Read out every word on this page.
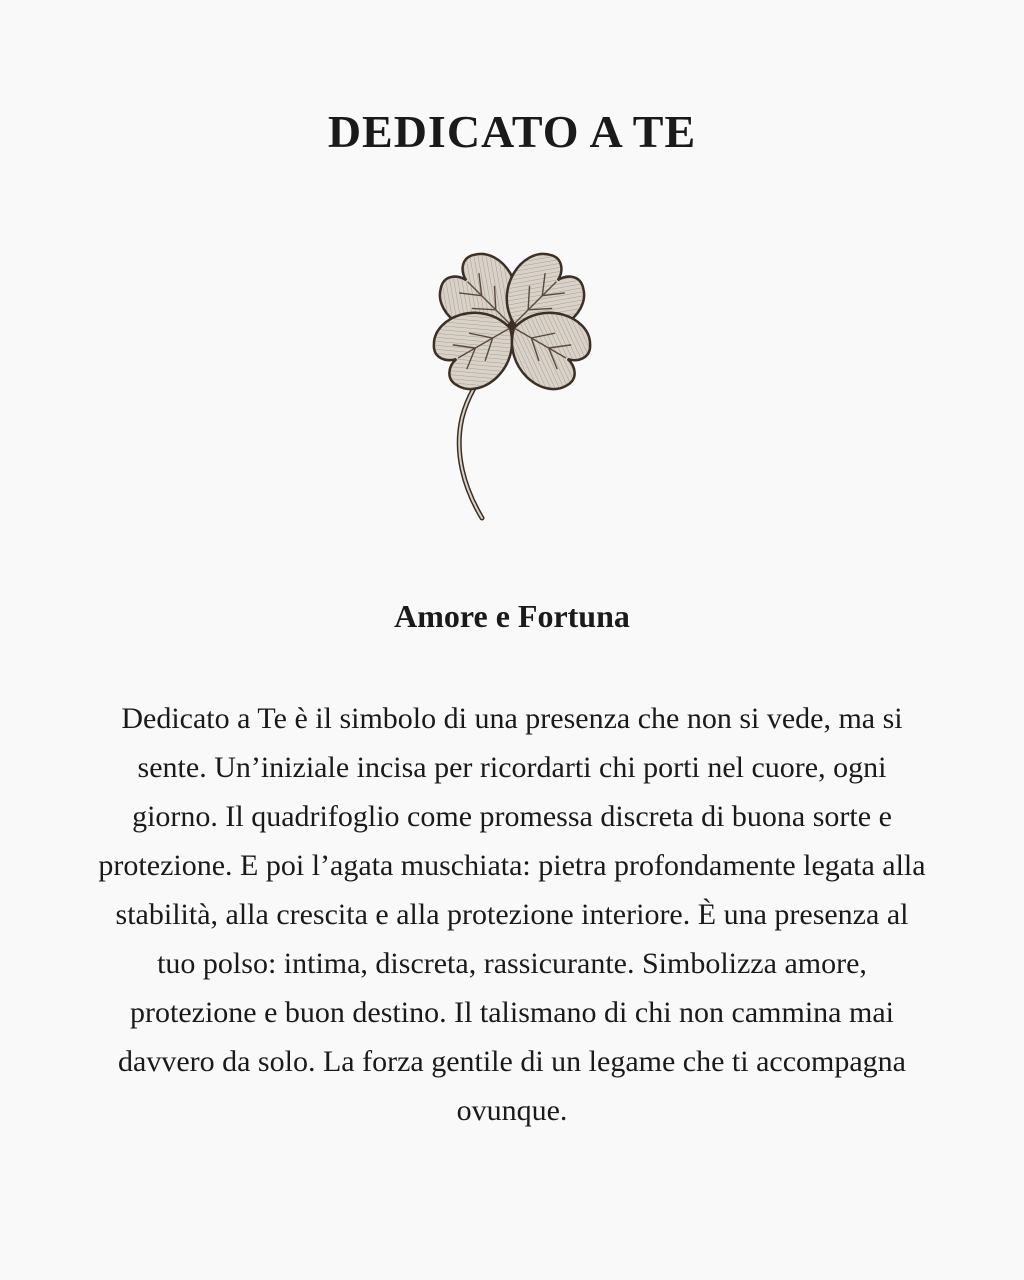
DEDICATO A TE
Amore e Fortuna

Dedicato a Te è il simbolo di una presenza che non si vede, ma si sente. Un’iniziale incisa per ricordarti chi porti nel cuore, ogni giorno. Il quadrifoglio come promessa discreta di buona sorte e protezione. E poi l’agata muschiata: pietra profondamente legata alla stabilità, alla crescita e alla protezione interiore. È una presenza al tuo polso: intima, discreta, rassicurante. Simbolizza amore, protezione e buon destino. Il talismano di chi non cammina mai davvero da solo. La forza gentile di un legame che ti accompagna ovunque.
